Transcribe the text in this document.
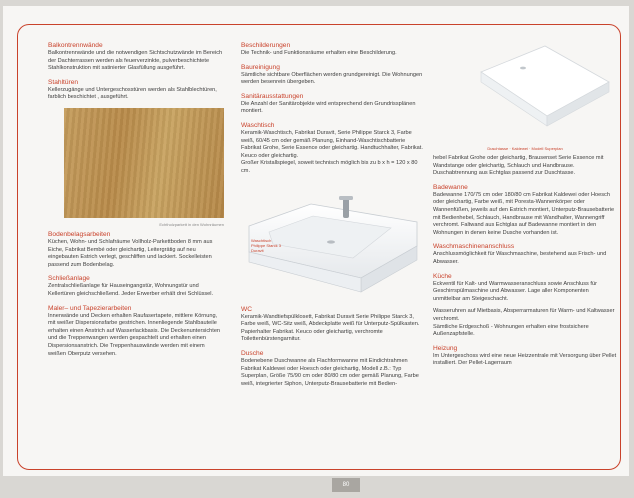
Balkontrennwände

Balkontrennwände und die notwendigen Sichtschutzwände im Bereich der Dachterrassen werden als feuerverzinkte, pulverbeschichtete Stahlkonstruktion mit satinierter Glasfüllung ausgeführt.

Stahltüren

Kellerzugänge und Untergeschosstüren werden als Stahlblechtüren, farblich beschichtet , ausgeführt.

Echtholzparkett in den Wohnräumen

Bodenbelagsarbeiten

Küchen, Wohn- und Schlafräume Vollholz-Parkettboden 8 mm aus Eiche, Fabrikat Bembé oder gleichartig, Leitergrätig auf neu eingebauten Estrich verlegt, geschliffen und lackiert. Sockelleisten passend zum Bodenbelag.

Schließanlage

Zentralschließanlage für Hauseingangstür, Wohnungstür und Kellertüren gleichschließend. Jeder Erwerber erhält drei Schlüssel.

Maler– und Tapezierarbeiten

Innenwände und Decken erhalten Raufasertapete, mittlere Körnung, mit weißer Dispersionsfarbe gestrichen. Innenliegende Stahlbauteile erhalten einen Anstrich auf Wasserlackbasis. Die Deckenuntersichten und die Treppenwangen werden gespachtelt und erhalten einen Dispersionsanstrich. Die Treppenhauswände werden mit einem weißen Oberputz versehen.

Beschilderungen

Die Technik- und Funktionsräume erhalten eine Beschilderung.

Baureinigung

Sämtliche sichtbare Oberflächen werden grundgereinigt. Die Wohnungen werden besenrein übergeben.

Sanitärausstattungen

Die Anzahl der Sanitärobjekte wird entsprechend den Grundrissplänen montiert.

Waschtisch

Keramik-Waschtisch, Fabrikat Duravit, Serie Philippe Starck 3, Farbe weiß, 60/45 cm oder gemäß Planung, Einhand-Waschtischbatterie Fabrikat Grohe, Serie Essence oder gleichartig. Handtuchhalter, Fabrikat. Keuco oder gleichartig.

Großer Kristallspiegel, soweit technisch möglich bis zu b x h = 120 x 80 cm.

Waschtisch
Philippe Starck 3
Duravit
WC

Keramik-Wandtiefspülklosett, Fabrikat Duravit Serie Philippe Starck 3, Farbe weiß, WC-Sitz weiß, Abdeckplatte weiß für Unterputz-Spülkasten. Papierhalter Fabrikat. Keuco oder gleichartig, verchromte Toilettenbürstengarnitur.

Dusche

Bodenebene Duschwanne als Flachformwanne mit Eindichtrahmen Fabrikat Kaldewei oder Hoesch oder gleichartig, Modell z.B.: Typ Superplan, Größe 75/90 cm oder 80/80 cm oder gemäß Planung, Farbe weiß, integrierter Siphon, Unterputz-Brausebatterie mit Bedien-

Duschtasse · Kaldewei · Modell Superplan

hebel Fabrikat Grohe oder gleichartig, Brausenset Serie Essence mit Wandstange oder gleichartig, Schlauch und Handbrause. Duschabtrennung aus Echtglas passend zur Duschtasse.

Badewanne

Badewanne 170/75 cm oder 180/80 cm Fabrikat Kaldewei oder Hoesch oder gleichartig, Farbe weiß, mit Poresta-Wannenkörper oder Wannenfüßen, jeweils auf den Estrich montiert, Unterputz-Brausebatterie mit Bedienhebel, Schlauch, Handbrause mit Wandhalter, Wannengriff verchromt. Faltwand aus Echtglas auf Badewanne montiert in den Wohnungen in denen keine Dusche vorhanden ist.

Waschmaschinenanschluss

Anschlussmöglichkeit für Waschmaschine, bestehend aus Frisch- und Abwasser.

Küche

Eckventil für Kalt- und Warmwasseranschluss sowie Anschluss für Geschirrspülmaschine und Abwasser. Lage aller Komponenten unmittelbar am Steigeschacht.

Wasseruhren auf Mietbasis, Absperrarmaturen für Warm- und Kaltwasser verchromt.

Sämtliche Erdgeschoß - Wohnungen erhalten eine frostsichere Außenzapfstelle.

Heizung

Im Untergeschoss wird eine neue Heizzentrale mit Versorgung über Pellet installiert. Der Pellet-Lagerraum

80
